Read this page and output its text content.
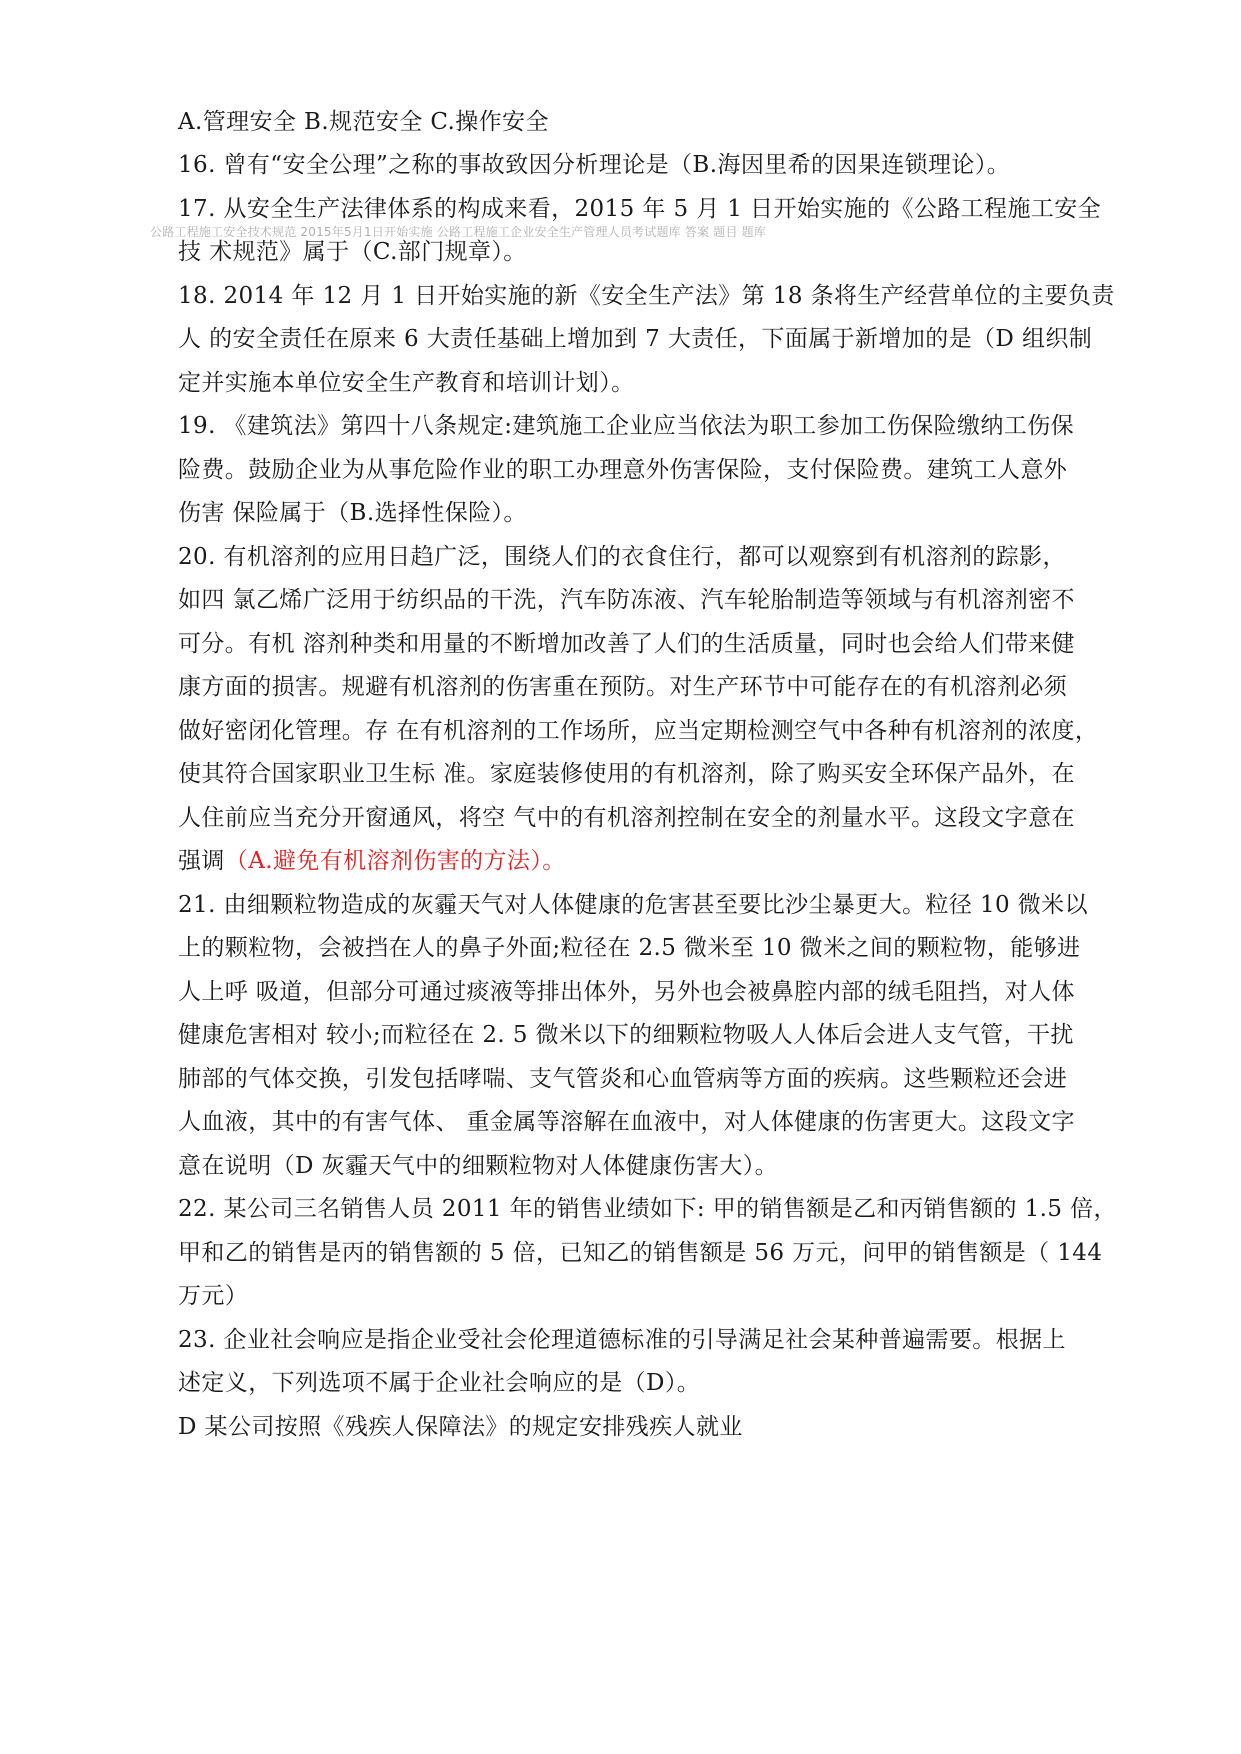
公路工程施工安全技术规范 2015年5月1日开始实施 公路工程施工企业安全生产管理人员考试题库 答案 题目 题库
A.管理安全 B.规范安全 C.操作安全
16. 曾有“安全公理”之称的事故致因分析理论是（B.海因里希的因果连锁理论）。
17. 从安全生产法律体系的构成来看，2015 年 5 月 1 日开始实施的《公路工程施工安全
技 术规范》属于（C.部门规章）。
18. 2014 年 12 月 1 日开始实施的新《安全生产法》第 18 条将生产经营单位的主要负责
人 的安全责任在原来 6 大责任基础上增加到 7 大责任，下面属于新增加的是（D 组织制
定并实施本单位安全生产教育和培训计划）。
19. 《建筑法》第四十八条规定:建筑施工企业应当依法为职工参加工伤保险缴纳工伤保
险费。鼓励企业为从事危险作业的职工办理意外伤害保险，支付保险费。建筑工人意外
伤害 保险属于（B.选择性保险）。
20. 有机溶剂的应用日趋广泛，围绕人们的衣食住行，都可以观察到有机溶剂的踪影，
如四 氯乙烯广泛用于纺织品的干洗，汽车防冻液、汽车轮胎制造等领域与有机溶剂密不
可分。有机 溶剂种类和用量的不断增加改善了人们的生活质量，同时也会给人们带来健
康方面的损害。规避有机溶剂的伤害重在预防。对生产环节中可能存在的有机溶剂必须
做好密闭化管理。存 在有机溶剂的工作场所，应当定期检测空气中各种有机溶剂的浓度，
使其符合国家职业卫生标 准。家庭装修使用的有机溶剂，除了购买安全环保产品外，在
人住前应当充分开窗通风，将空 气中的有机溶剂控制在安全的剂量水平。这段文字意在
强调（A.避免有机溶剂伤害的方法）。
21. 由细颗粒物造成的灰霾天气对人体健康的危害甚至要比沙尘暴更大。粒径 10 微米以
上的颗粒物，会被挡在人的鼻子外面;粒径在 2.5 微米至 10 微米之间的颗粒物，能够进
人上呼 吸道，但部分可通过痰液等排出体外，另外也会被鼻腔内部的绒毛阻挡，对人体
健康危害相对 较小;而粒径在 2. 5 微米以下的细颗粒物吸人人体后会进人支气管，干扰
肺部的气体交换，引发包括哮喘、支气管炎和心血管病等方面的疾病。这些颗粒还会进
人血液，其中的有害气体、 重金属等溶解在血液中，对人体健康的伤害更大。这段文字
意在说明（D 灰霾天气中的细颗粒物对人体健康伤害大）。
22. 某公司三名销售人员 2011 年的销售业绩如下: 甲的销售额是乙和丙销售额的 1.5 倍，
甲和乙的销售是丙的销售额的 5 倍，已知乙的销售额是 56 万元，问甲的销售额是（ 144
万元）
23. 企业社会响应是指企业受社会伦理道德标准的引导满足社会某种普遍需要。根据上
述定义，下列选项不属于企业社会响应的是（D）。
D 某公司按照《残疾人保障法》的规定安排残疾人就业
